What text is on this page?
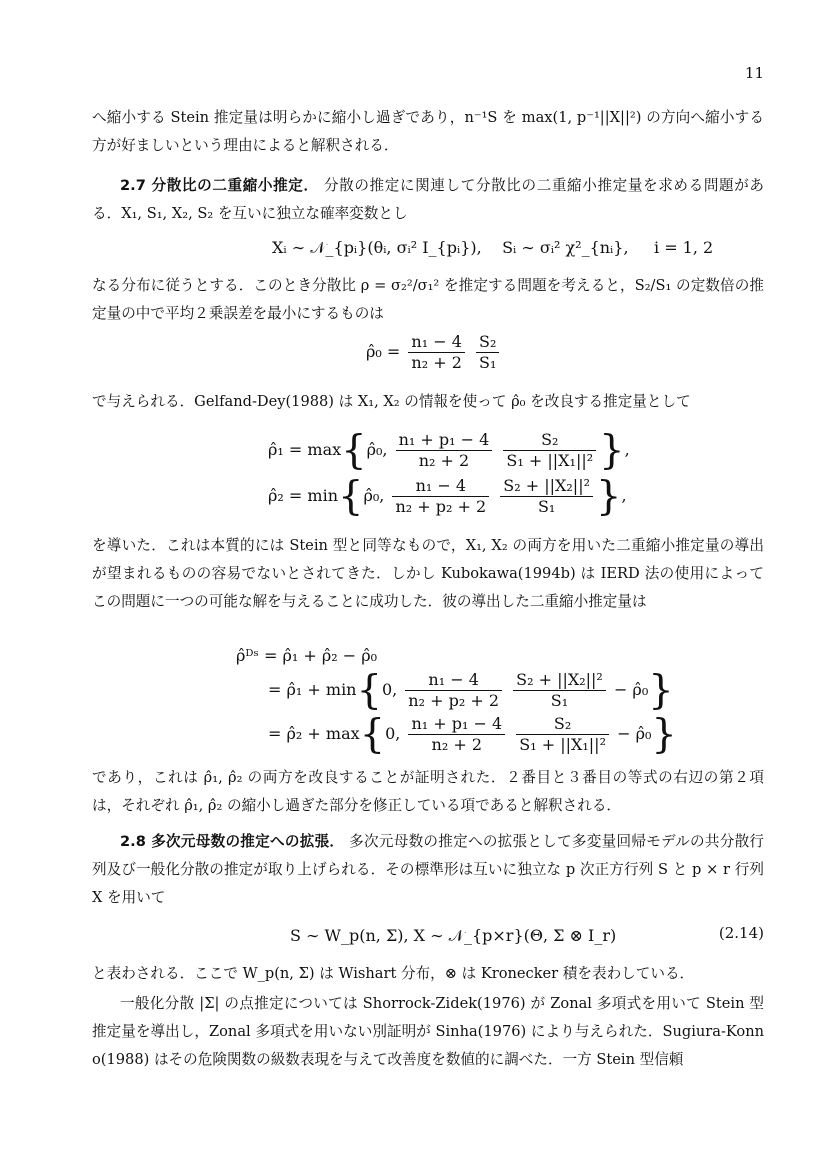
11
へ縮小する Stein 推定量は明らかに縮小し過ぎであり，n⁻¹S を max(1, p⁻¹||X||²) の方向へ縮小する方が好ましいという理由によると解釈される．
2.7 分散比の二重縮小推定． 分散の推定に関連して分散比の二重縮小推定量を求める問題がある．X₁, S₁, X₂, S₂ を互いに独立な確率変数とし
Xᵢ ∼ 𝒩_{pᵢ}(θᵢ, σᵢ² I_{pᵢ}), Sᵢ ∼ σᵢ² χ²_{nᵢ}, i = 1, 2
なる分布に従うとする．このとき分散比 ρ = σ₂²/σ₁² を推定する問題を考えると，S₂/S₁ の定数倍の推定量の中で平均２乗誤差を最小にするものは
ρ̂₀ = $\frac{\text{n₁ − 4}}{\text{n₂ + 2}}$
$\frac{\text{S₂}}{\text{S₁}}$
で与えられる．Gelfand-Dey(1988) は X₁, X₂ の情報を使って ρ̂₀ を改良する推定量として
ρ̂₁ = max{ρ̂₀, $\frac{\text{n₁ + p₁ − 4}}{\text{n₂ + 2}}$
$\frac{\text{S₂}}{\text{S₁ + ||X₁||²}}$ },
ρ̂₂ = min{ρ̂₀, $\frac{\text{n₁ − 4}}{\text{n₂ + p₂ + 2}}$
$\frac{\text{S₂ + ||X₂||²}}{\text{S₁}}$ },
を導いた．これは本質的には Stein 型と同等なもので，X₁, X₂ の両方を用いた二重縮小推定量の導出が望まれるものの容易でないとされてきた．しかし Kubokawa(1994b) は IERD 法の使用によってこの問題に一つの可能な解を与えることに成功した．彼の導出した二重縮小推定量は
ρ̂ᴰˢ = ρ̂₁ + ρ̂₂ − ρ̂₀
= ρ̂₁ + min{0, $\frac{\text{n₁ − 4}}{\text{n₂ + p₂ + 2}}$
$\frac{\text{S₂ + ||X₂||²}}{\text{S₁}}$ − ρ̂₀}
= ρ̂₂ + max{0, $\frac{\text{n₁ + p₁ − 4}}{\text{n₂ + 2}}$
$\frac{\text{S₂}}{\text{S₁ + ||X₁||²}}$ − ρ̂₀}
であり，これは ρ̂₁, ρ̂₂ の両方を改良することが証明された．２番目と３番目の等式の右辺の第２項は，それぞれ ρ̂₁, ρ̂₂ の縮小し過ぎた部分を修正している項であると解釈される．
2.8 多次元母数の推定への拡張． 多次元母数の推定への拡張として多変量回帰モデルの共分散行列及び一般化分散の推定が取り上げられる．その標準形は互いに独立な p 次正方行列 S と p × r 行列 X を用いて
S ∼ W_p(n, Σ), X ∼ 𝒩_{p×r}(Θ, Σ ⊗ I_r)	(2.14)
と表わされる．ここで W_p(n, Σ) は Wishart 分布，⊗ は Kronecker 積を表わしている．
一般化分散 |Σ| の点推定については Shorrock-Zidek(1976) が Zonal 多項式を用いて Stein 型推定量を導出し，Zonal 多項式を用いない別証明が Sinha(1976) により与えられた．Sugiura-Konno(1988) はその危険関数の級数表現を与えて改善度を数値的に調べた．一方 Stein 型信頼
